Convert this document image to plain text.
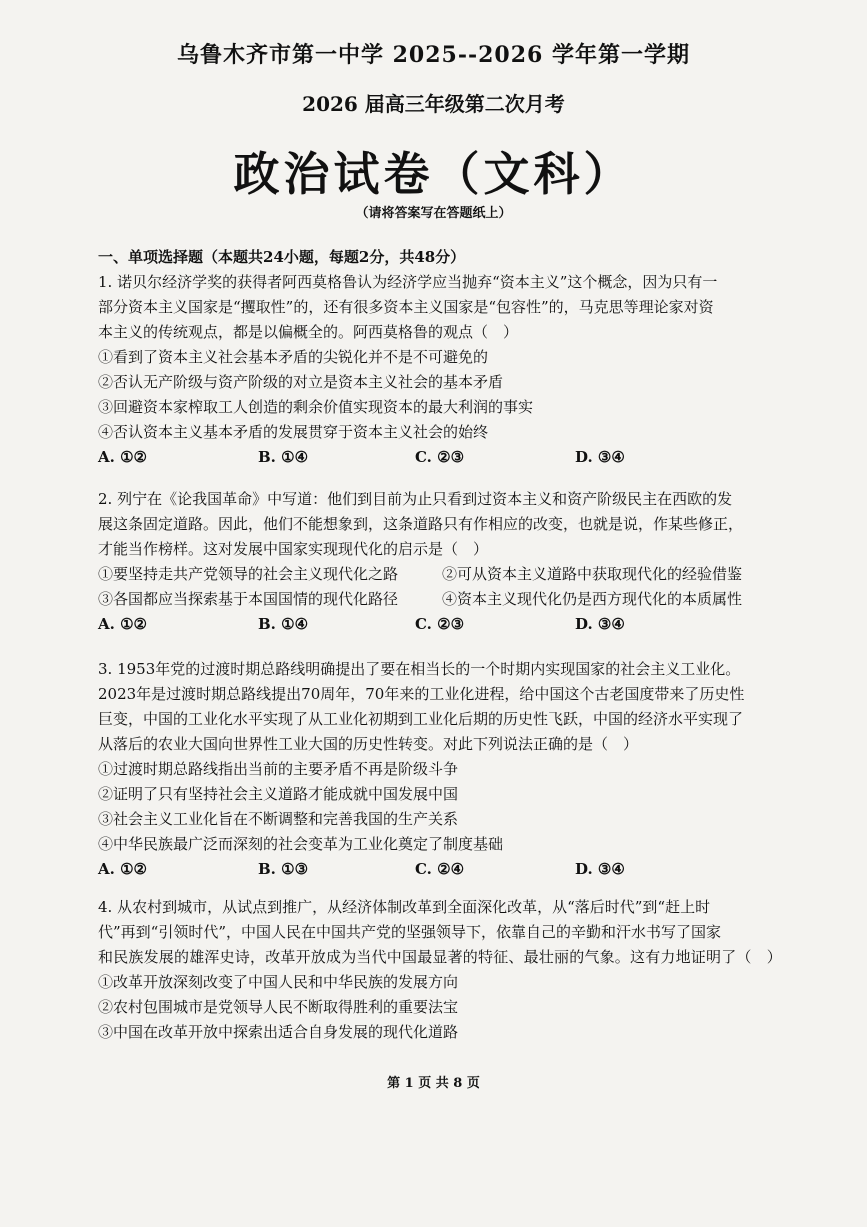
乌鲁木齐市第一中学 2025--2026 学年第一学期
2026 届高三年级第二次月考
政治试卷（文科）
（请将答案写在答题纸上）
一、单项选择题（本题共24小题，每题2分，共48分）
1. 诺贝尔经济学奖的获得者阿西莫格鲁认为经济学应当抛弃“资本主义”这个概念，因为只有一
部分资本主义国家是“攫取性”的，还有很多资本主义国家是“包容性”的，马克思等理论家对资
本主义的传统观点，都是以偏概全的。阿西莫格鲁的观点（　）
①看到了资本主义社会基本矛盾的尖锐化并不是不可避免的
②否认无产阶级与资产阶级的对立是资本主义社会的基本矛盾
③回避资本家榨取工人创造的剩余价值实现资本的最大利润的事实
④否认资本主义基本矛盾的发展贯穿于资本主义社会的始终
A. ①②	B. ①④	C. ②③	D. ③④
2. 列宁在《论我国革命》中写道：他们到目前为止只看到过资本主义和资产阶级民主在西欧的发
展这条固定道路。因此，他们不能想象到，这条道路只有作相应的改变，也就是说，作某些修正，
才能当作榜样。这对发展中国家实现现代化的启示是（　）
①要坚持走共产党领导的社会主义现代化之路	②可从资本主义道路中获取现代化的经验借鉴
③各国都应当探索基于本国国情的现代化路径	④资本主义现代化仍是西方现代化的本质属性
A. ①②	B. ①④	C. ②③	D. ③④
3. 1953年党的过渡时期总路线明确提出了要在相当长的一个时期内实现国家的社会主义工业化。
2023年是过渡时期总路线提出70周年，70年来的工业化进程，给中国这个古老国度带来了历史性
巨变，中国的工业化水平实现了从工业化初期到工业化后期的历史性飞跃，中国的经济水平实现了
从落后的农业大国向世界性工业大国的历史性转变。对此下列说法正确的是（　）
①过渡时期总路线指出当前的主要矛盾不再是阶级斗争
②证明了只有坚持社会主义道路才能成就中国发展中国
③社会主义工业化旨在不断调整和完善我国的生产关系
④中华民族最广泛而深刻的社会变革为工业化奠定了制度基础
A. ①②	B. ①③	C. ②④	D. ③④
4. 从农村到城市，从试点到推广，从经济体制改革到全面深化改革，从“落后时代”到“赶上时
代”再到“引领时代”，中国人民在中国共产党的坚强领导下，依靠自己的辛勤和汗水书写了国家
和民族发展的雄浑史诗，改革开放成为当代中国最显著的特征、最壮丽的气象。这有力地证明了（　）
①改革开放深刻改变了中国人民和中华民族的发展方向
②农村包围城市是党领导人民不断取得胜利的重要法宝
③中国在改革开放中探索出适合自身发展的现代化道路
第 1 页 共 8 页
